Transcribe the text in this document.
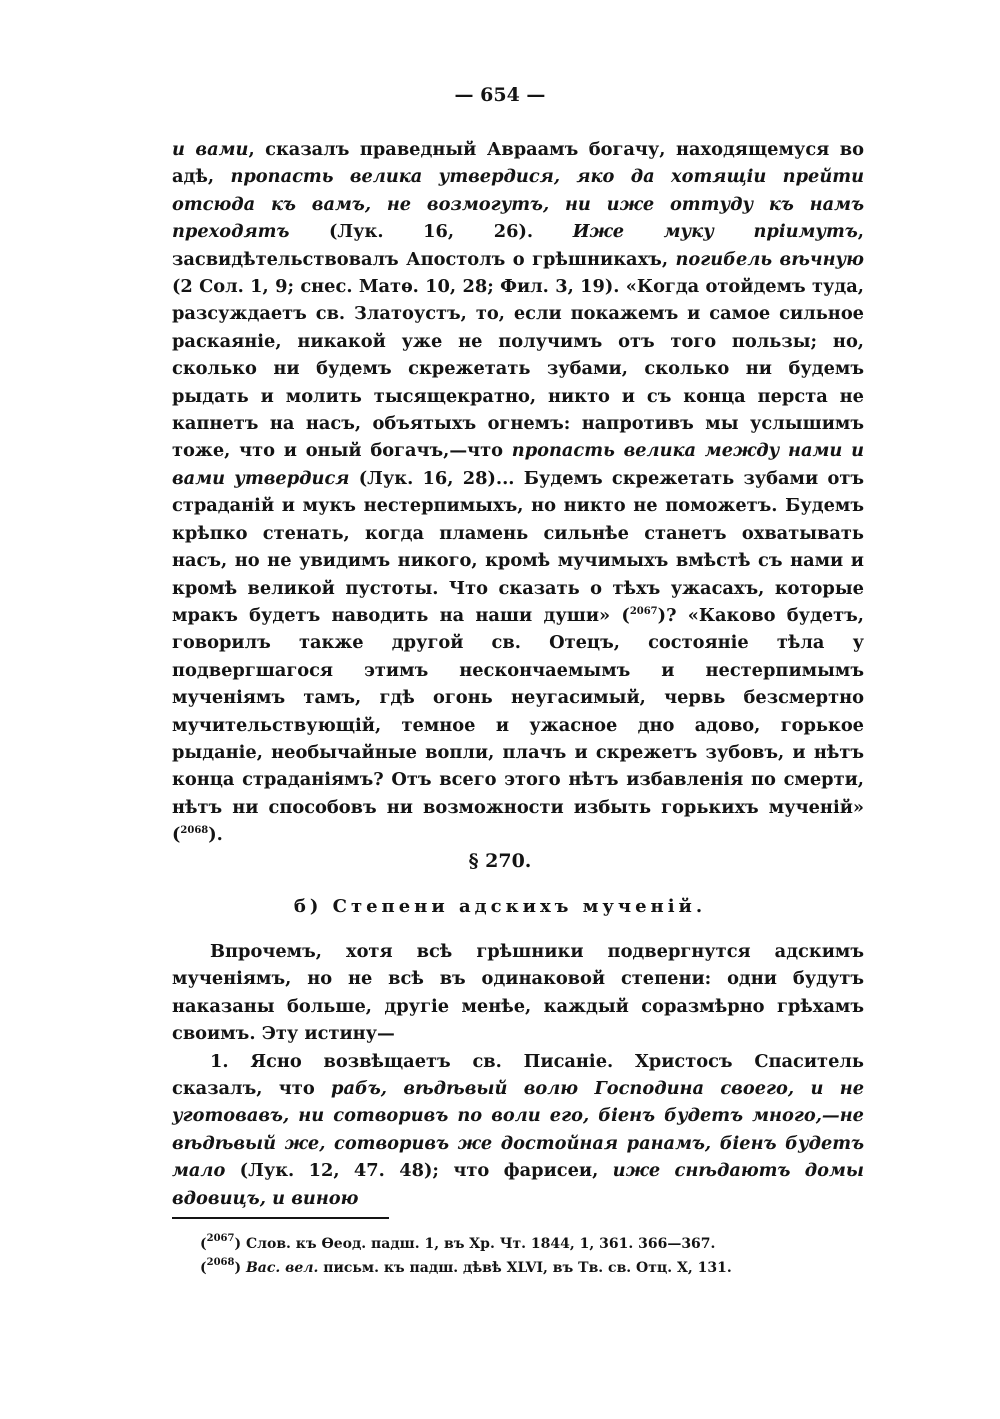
— 654 —

и вами, сказалъ праведный Авраамъ богачу, находящемуся во адѣ, пропасть велика утвердися, яко да хотящіи прейти отсюда къ вамъ, не возмогутъ, ни иже оттуду къ намъ преходятъ (Лук. 16, 26). Иже муку пріимутъ, засвидѣтельствовалъ Апостолъ о грѣшникахъ, погибель вѣчную (2 Сол. 1, 9; снес. Матѳ. 10, 28; Фил. 3, 19). «Когда отойдемъ туда, разсуждаетъ св. Златоустъ, то, если покажемъ и самое сильное раскаяніе, никакой уже не получимъ отъ того пользы; но, сколько ни будемъ скрежетать зубами, сколько ни будемъ рыдать и молить тысящекратно, никто и съ конца перста не капнетъ на насъ, объятыхъ огнемъ: напротивъ мы услышимъ тоже, что и оный богачъ,—что пропасть велика между нами и вами утвердися (Лук. 16, 28)... Будемъ скрежетать зубами отъ страданій и мукъ нестерпимыхъ, но никто не поможетъ. Будемъ крѣпко стенать, когда пламень сильнѣе станетъ охватывать насъ, но не увидимъ никого, кромѣ мучимыхъ вмѣстѣ съ нами и кромѣ великой пустоты. Что сказать о тѣхъ ужасахъ, которые мракъ будетъ наводить на наши души» ($^{2067}$)? «Каково будетъ, говорилъ также другой св. Отецъ, состояніе тѣла у подвергшагося этимъ нескончаемымъ и нестерпимымъ мученіямъ тамъ, гдѣ огонь неугасимый, червь безсмертно мучительствующій, темное и ужасное дно адово, горькое рыданіе, необычайные вопли, плачъ и скрежетъ зубовъ, и нѣтъ конца страданіямъ? Отъ всего этого нѣтъ избавленія по смерти, нѣтъ ни способовъ ни возможности избыть горькихъ мученій» ($^{2068}$).

§ 270.
б) Степени адскихъ мученій.

Впрочемъ, хотя всѣ грѣшники подвергнутся адскимъ мученіямъ, но не всѣ въ одинаковой степени: одни будутъ наказаны больше, другіе менѣе, каждый соразмѣрно грѣхамъ своимъ. Эту истину—

1. Ясно возвѣщаетъ св. Писаніе. Христосъ Спаситель сказалъ, что рабъ, вѣдѣвый волю Господина своего, и не уготовавъ, ни сотворивъ по воли его, біенъ будетъ много,—не вѣдѣвый же, сотворивъ же достойная ранамъ, біенъ будетъ мало (Лук. 12, 47. 48); что фарисеи, иже снѣдаютъ домы вдовицъ, и виною

($^{2067}$) Слов. къ Ѳеод. падш. 1, въ Хр. Чт. 1844, 1, 361. 366—367.
($^{2068}$) Вас. вел. письм. къ падш. дѣвѣ XLVI, въ Тв. св. Отц. X, 131.
